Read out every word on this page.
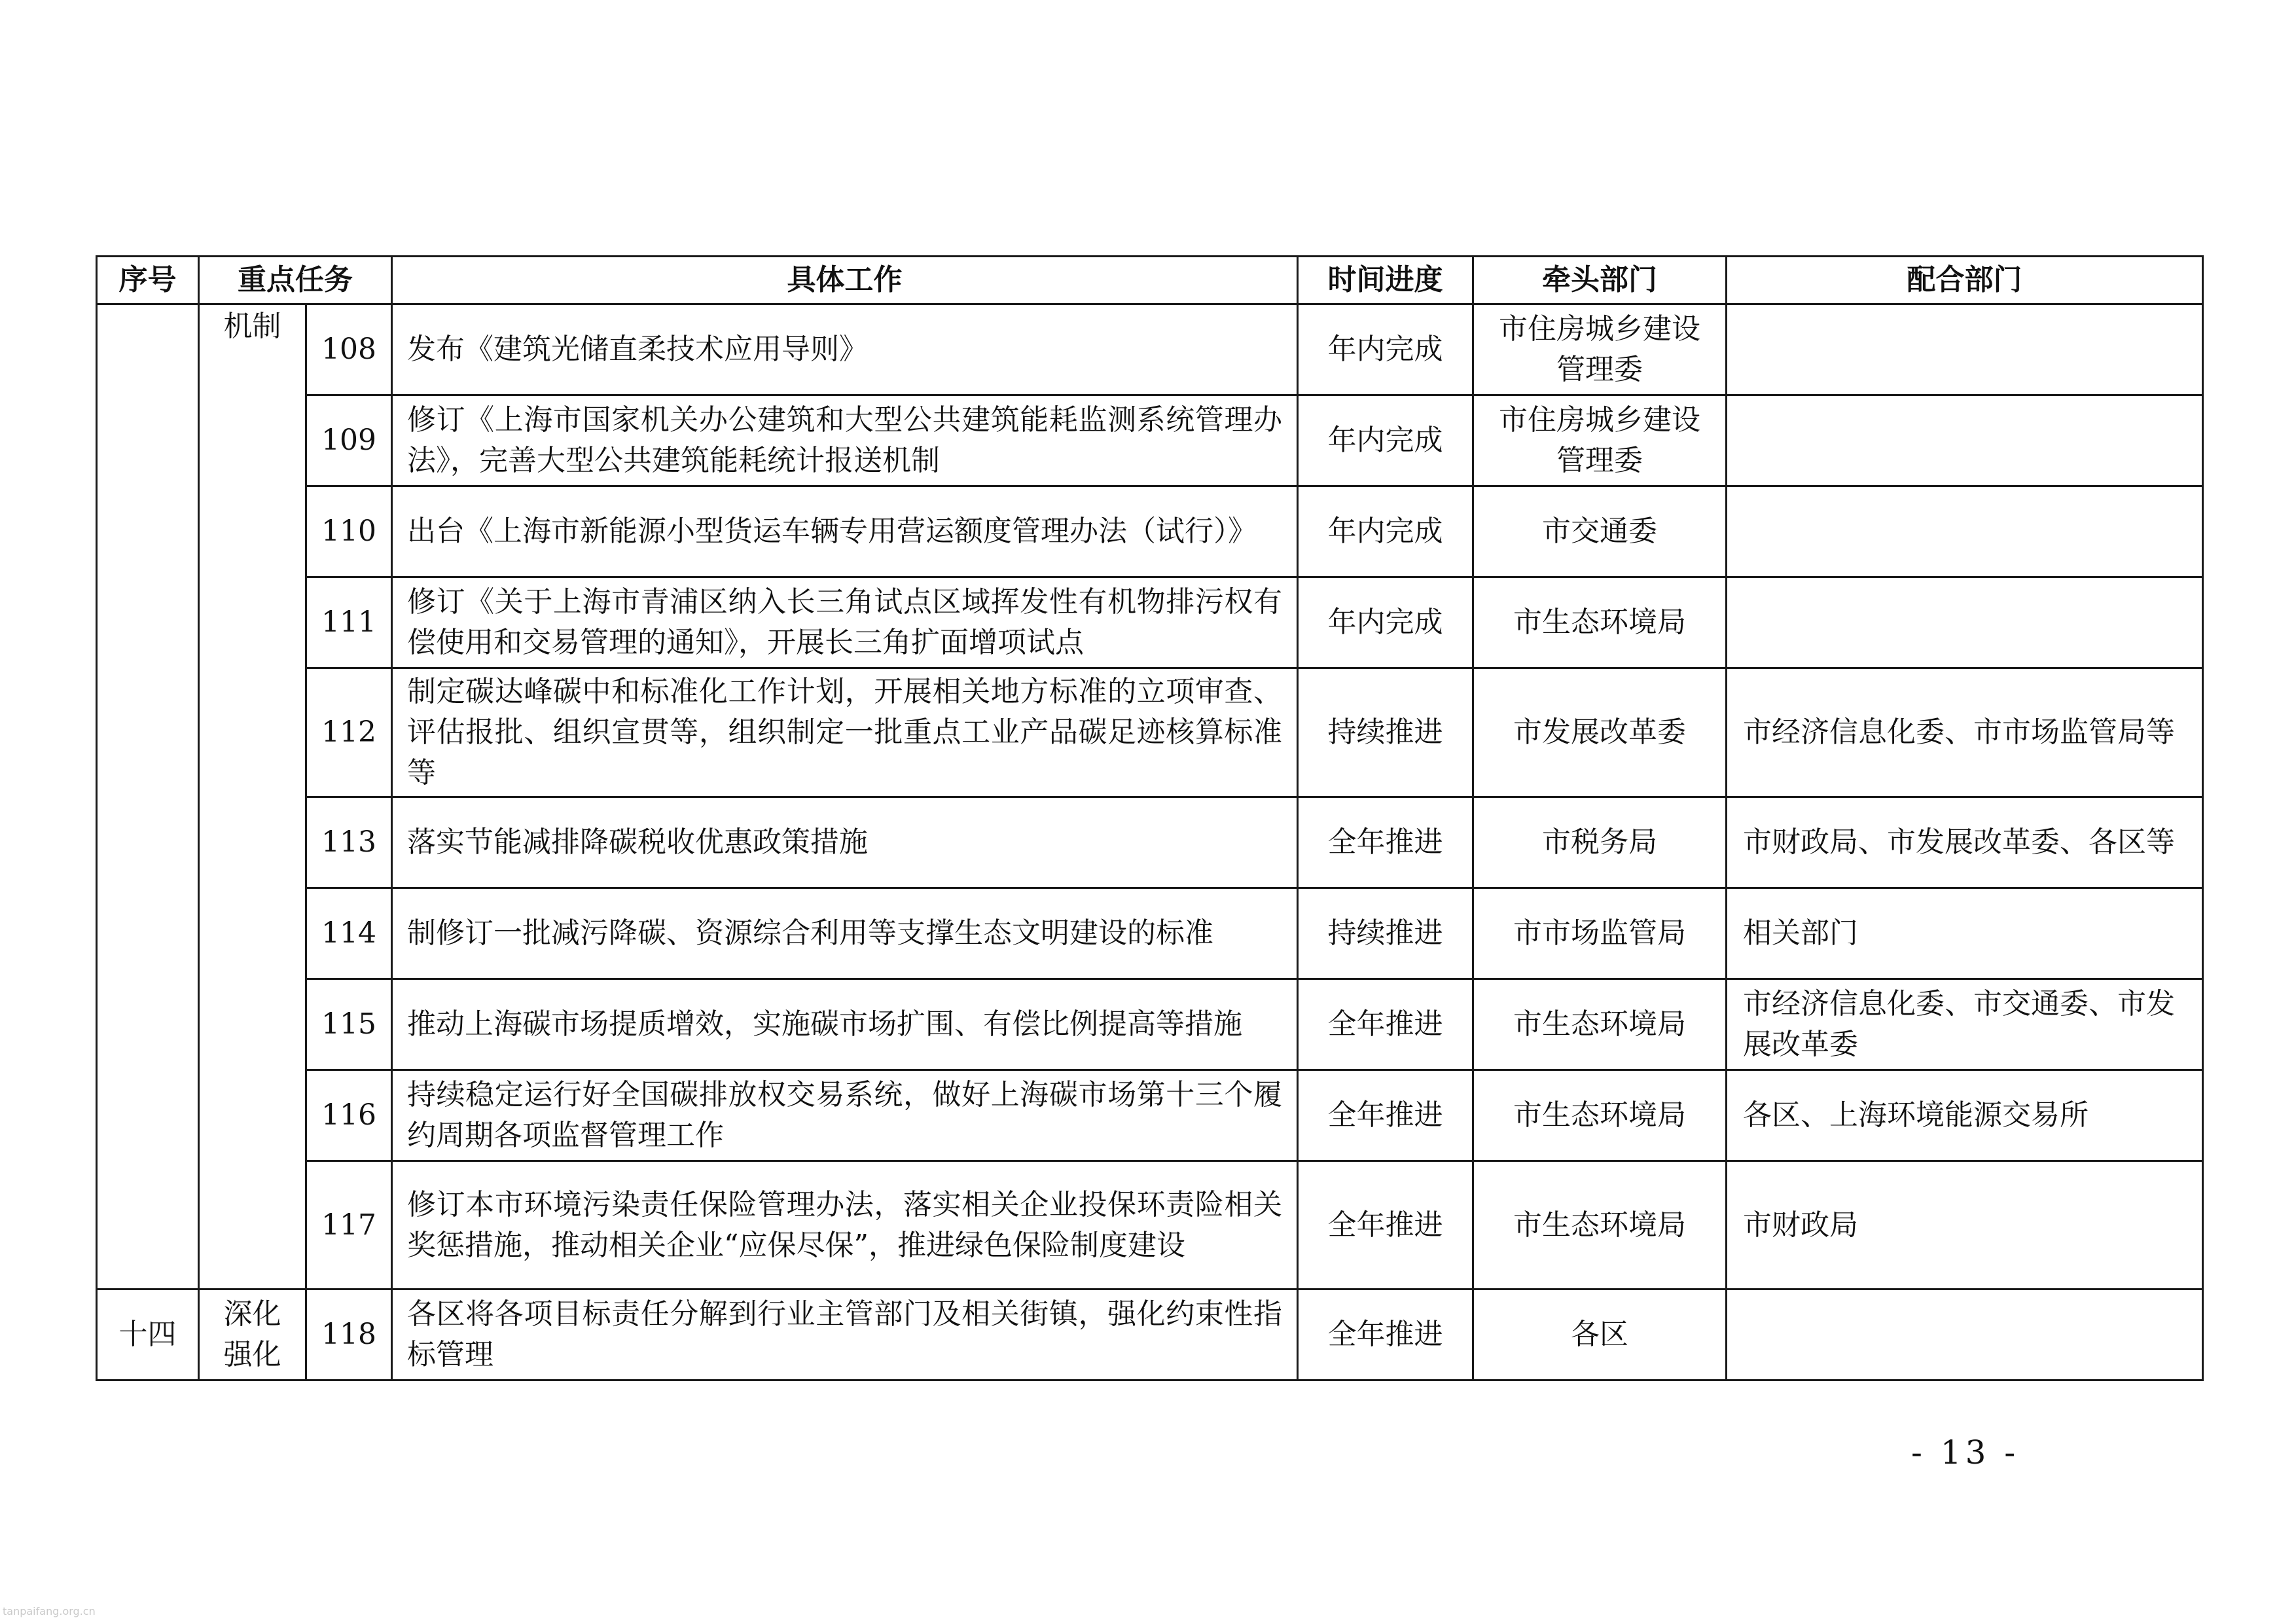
序号	重点任务		具体工作	时间进度	牵头部门	配合部门
	机制	108	发布《建筑光储直柔技术应用导则》	年内完成	市住房城乡建设管理委	
		109	修订《上海市国家机关办公建筑和大型公共建筑能耗监测系统管理办法》，完善大型公共建筑能耗统计报送机制	年内完成	市住房城乡建设管理委	
		110	出台《上海市新能源小型货运车辆专用营运额度管理办法（试行）》	年内完成	市交通委	
		111	修订《关于上海市青浦区纳入长三角试点区域挥发性有机物排污权有偿使用和交易管理的通知》，开展长三角扩面增项试点	年内完成	市生态环境局	
		112	制定碳达峰碳中和标准化工作计划，开展相关地方标准的立项审查、评估报批、组织宣贯等，组织制定一批重点工业产品碳足迹核算标准等	持续推进	市发展改革委	市经济信息化委、市市场监管局等
		113	落实节能减排降碳税收优惠政策措施	全年推进	市税务局	市财政局、市发展改革委、各区等
		114	制修订一批减污降碳、资源综合利用等支撑生态文明建设的标准	持续推进	市市场监管局	相关部门
		115	推动上海碳市场提质增效，实施碳市场扩围、有偿比例提高等措施	全年推进	市生态环境局	市经济信息化委、市交通委、市发展改革委
		116	持续稳定运行好全国碳排放权交易系统，做好上海碳市场第十三个履约周期各项监督管理工作	全年推进	市生态环境局	各区、上海环境能源交易所
		117	修订本市环境污染责任保险管理办法，落实相关企业投保环责险相关奖惩措施，推动相关企业“应保尽保”，推进绿色保险制度建设	全年推进	市生态环境局	市财政局
十四	深化强化	118	各区将各项目标责任分解到行业主管部门及相关街镇，强化约束性指标管理	全年推进	各区	
- 13 -
tanpaifang.org.cn
